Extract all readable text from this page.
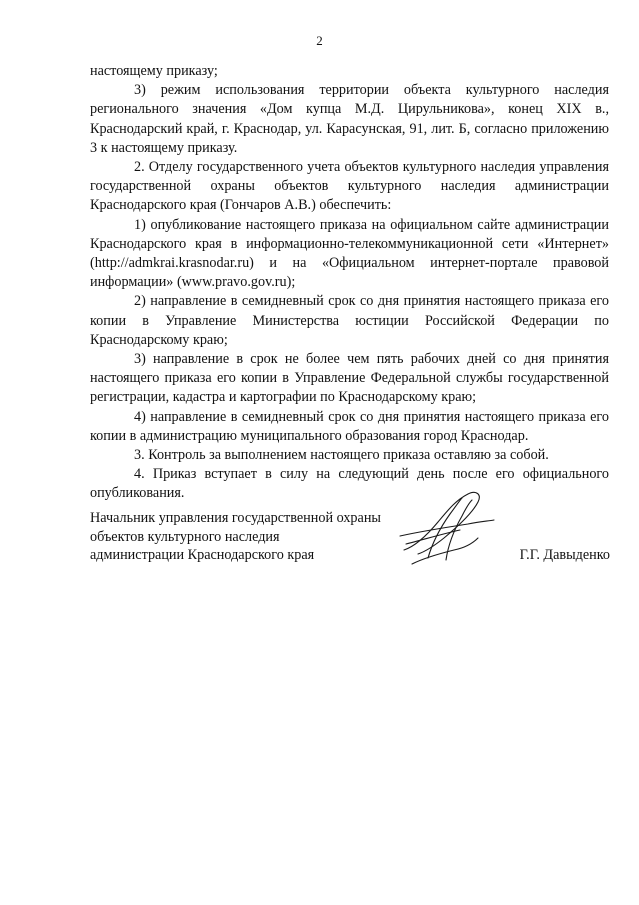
2

настоящему приказу;

3) режим использования территории объекта культурного наследия регионального значения «Дом купца М.Д. Цирульникова», конец XIX в., Краснодарский край, г. Краснодар, ул. Карасунская, 91, лит. Б, согласно приложению 3 к настоящему приказу.

2. Отделу государственного учета объектов культурного наследия управления государственной охраны объектов культурного наследия администрации Краснодарского края (Гончаров А.В.) обеспечить:

1) опубликование настоящего приказа на официальном сайте администрации Краснодарского края в информационно-телекоммуникационной сети «Интернет» (http://admkrai.krasnodar.ru) и на «Официальном интернет-портале правовой информации» (www.pravo.gov.ru);

2) направление в семидневный срок со дня принятия настоящего приказа его копии в Управление Министерства юстиции Российской Федерации по Краснодарскому краю;

3) направление в срок не более чем пять рабочих дней со дня принятия настоящего приказа его копии в Управление Федеральной службы государственной регистрации, кадастра и картографии по Краснодарскому краю;

4) направление в семидневный срок со дня принятия настоящего приказа его копии в администрацию муниципального образования город Краснодар.

3. Контроль за выполнением настоящего приказа оставляю за собой.

4. Приказ вступает в силу на следующий день после его официального опубликования.

Начальник управления государственной охраны
объектов культурного наследия
администрации Краснодарского края	Г.Г. Давыденко
